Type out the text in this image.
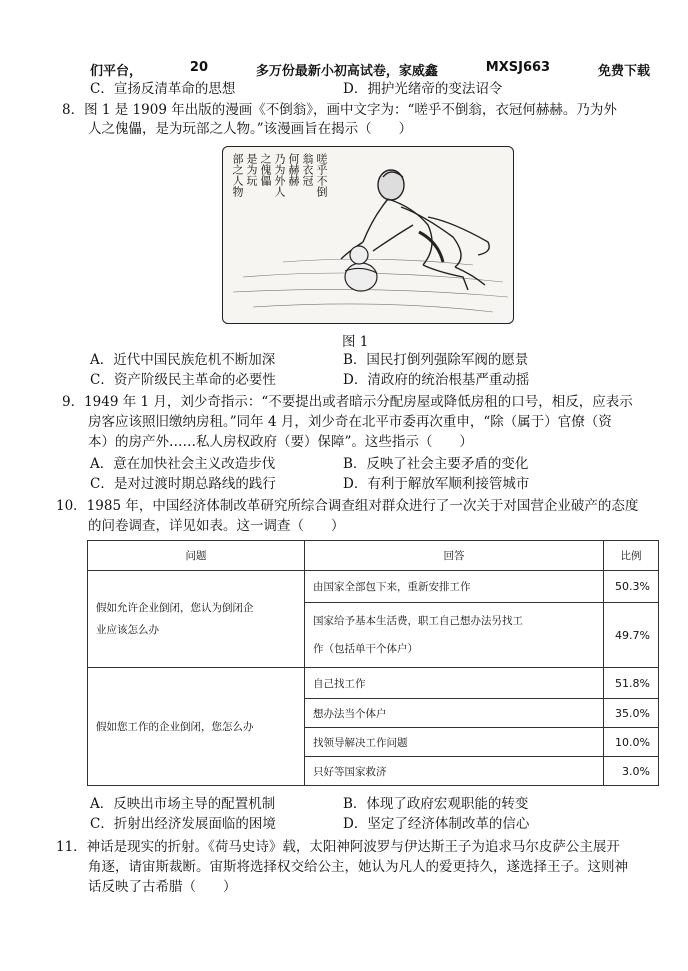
们平台，	20	多万份最新小初高试卷，家威鑫	MXSJ663	免费下载
C．宣扬反清革命的思想	D．拥护光绪帝的变法诏令
8．图 1 是 1909 年出版的漫画《不倒翁》，画中文字为：“嗟乎不倒翁，衣冠何赫赫。乃为外
人之傀儡，是为玩部之人物。”该漫画旨在揭示（　　）
嗟乎不倒
翁衣冠
何赫赫
乃为外人
之傀儡
是为玩
部之人物
图 1
A．近代中国民族危机不断加深	B．国民打倒列强除军阀的愿景
C．资产阶级民主革命的必要性	D．清政府的统治根基严重动摇
9．1949 年 1 月，刘少奇指示：“不要提出或者暗示分配房屋或降低房租的口号，相反，应表示
房客应该照旧缴纳房租。”同年 4 月，刘少奇在北平市委再次重申，“除（属于）官僚（资
本）的房产外……私人房权政府（要）保障”。这些指示（　　）
A．意在加快社会主义改造步伐	B．反映了社会主要矛盾的变化
C．是对过渡时期总路线的践行	D．有利于解放军顺利接管城市
10．1985 年，中国经济体制改革研究所综合调查组对群众进行了一次关于对国营企业破产的态度
的问卷调查，详见如表。这一调查（　　）
问题	回答	比例

假如允许企业倒闭，您认为倒闭企
业应该怎么办	由国家全部包下来，重新安排工作	50.3%

	国家给予基本生活费，职工自己想办法另找工
作（包括单干个体户）	49.7%
假如您工作的企业倒闭，您怎么办	自己找工作	51.8%
	想办法当个体户	35.0%
	找领导解决工作问题	10.0%
	只好等国家救济	3.0%
A．反映出市场主导的配置机制	B．体现了政府宏观职能的转变
C．折射出经济发展面临的困境	D．坚定了经济体制改革的信心
11．神话是现实的折射。《荷马史诗》载，太阳神阿波罗与伊达斯王子为追求马尔皮萨公主展开
角逐，请宙斯裁断。宙斯将选择权交给公主，她认为凡人的爱更持久，遂选择王子。这则神
话反映了古希腊（　　）
